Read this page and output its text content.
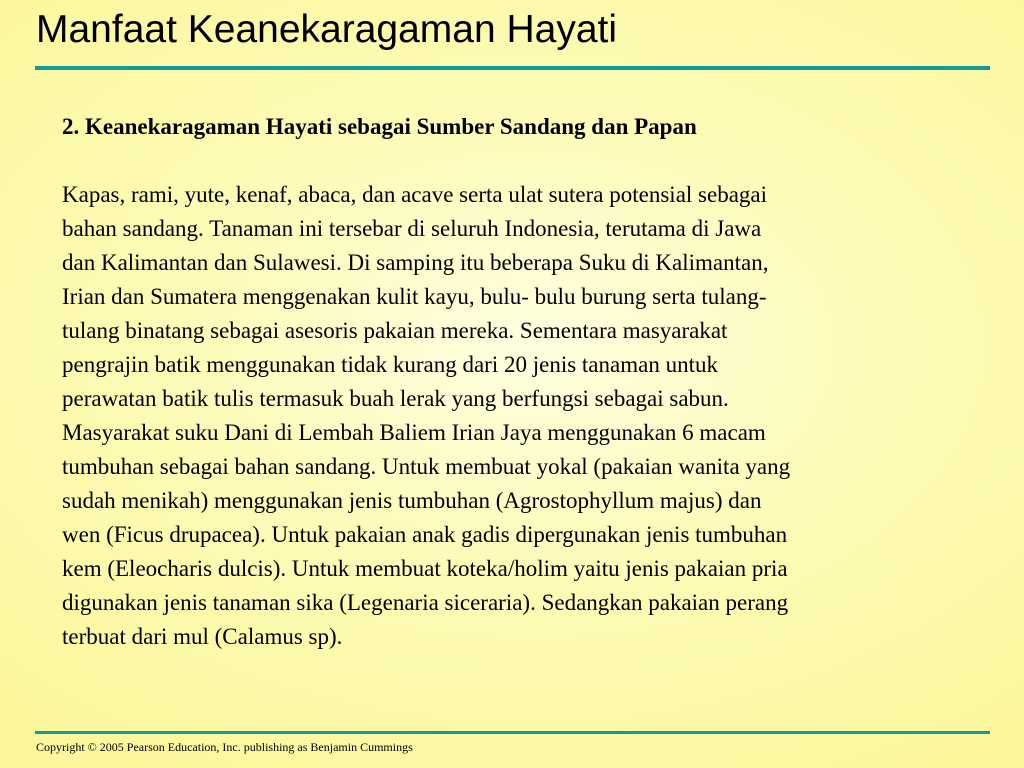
Manfaat Keanekaragaman Hayati
2. Keanekaragaman Hayati sebagai Sumber Sandang dan Papan

Kapas, rami, yute, kenaf, abaca, dan acave serta ulat sutera potensial sebagai
bahan sandang. Tanaman ini tersebar di seluruh Indonesia, terutama di Jawa
dan Kalimantan dan Sulawesi. Di samping itu beberapa Suku di Kalimantan,
Irian dan Sumatera menggenakan kulit kayu, bulu- bulu burung serta tulang-
tulang binatang sebagai asesoris pakaian mereka. Sementara masyarakat
pengrajin batik menggunakan tidak kurang dari 20 jenis tanaman untuk
perawatan batik tulis termasuk buah lerak yang berfungsi sebagai sabun.
Masyarakat suku Dani di Lembah Baliem Irian Jaya menggunakan 6 macam
tumbuhan sebagai bahan sandang. Untuk membuat yokal (pakaian wanita yang
sudah menikah) menggunakan jenis tumbuhan (Agrostophyllum majus) dan
wen (Ficus drupacea). Untuk pakaian anak gadis dipergunakan jenis tumbuhan
kem (Eleocharis dulcis). Untuk membuat koteka/holim yaitu jenis pakaian pria
digunakan jenis tanaman sika (Legenaria siceraria). Sedangkan pakaian perang
terbuat dari mul (Calamus sp).

Copyright © 2005 Pearson Education, Inc. publishing as Benjamin Cummings
